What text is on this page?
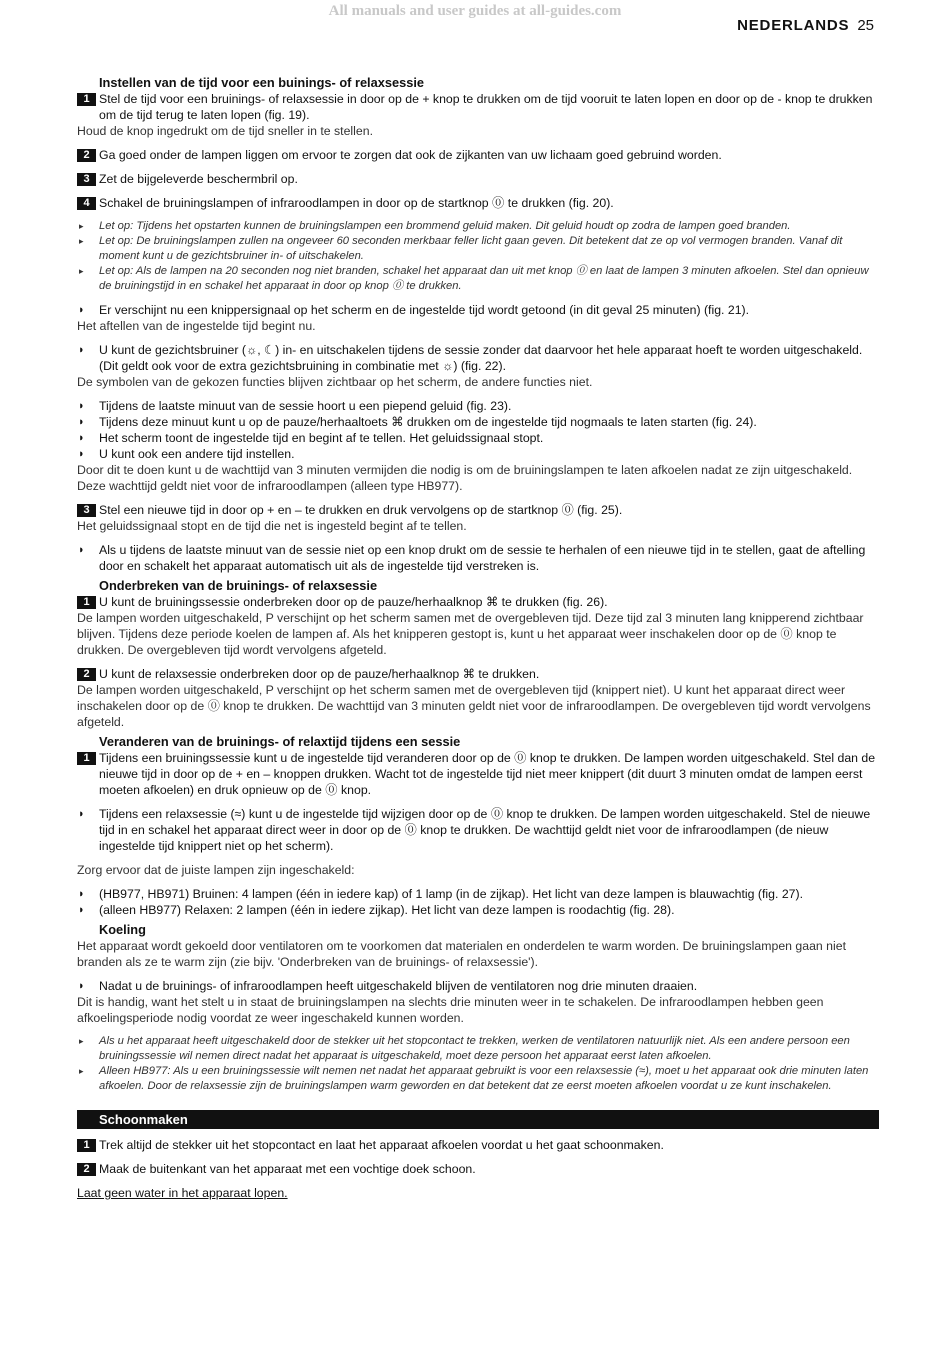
All manuals and user guides at all-guides.com
NEDERLANDS 25
Instellen van de tijd voor een buinings- of relaxsessie
1 Stel de tijd voor een bruinings- of relaxsessie in door op de + knop te drukken om de tijd vooruit te laten lopen en door op de - knop te drukken om de tijd terug te laten lopen (fig. 19).
Houd de knop ingedrukt om de tijd sneller in te stellen.
2 Ga goed onder de lampen liggen om ervoor te zorgen dat ook de zijkanten van uw lichaam goed gebruind worden.
3 Zet de bijgeleverde beschermbril op.
4 Schakel de bruiningslampen of infraroodlampen in door op de startknop ⓪ te drukken (fig. 20).
▸ Let op: Tijdens het opstarten kunnen de bruiningslampen een brommend geluid maken. Dit geluid houdt op zodra de lampen goed branden.
▸ Let op: De bruiningslampen zullen na ongeveer 60 seconden merkbaar feller licht gaan geven. Dit betekent dat ze op vol vermogen branden. Vanaf dit moment kunt u de gezichtsbruiner in- of uitschakelen.
▸ Let op: Als de lampen na 20 seconden nog niet branden, schakel het apparaat dan uit met knop ⓪ en laat de lampen 3 minuten afkoelen. Stel dan opnieuw de bruiningstijd in en schakel het apparaat in door op knop ⓪ te drukken.
◗ Er verschijnt nu een knippersignaal op het scherm en de ingestelde tijd wordt getoond (in dit geval 25 minuten) (fig. 21).
Het aftellen van de ingestelde tijd begint nu.
◗ U kunt de gezichtsbruiner (☼, ☾) in- en uitschakelen tijdens de sessie zonder dat daarvoor het hele apparaat hoeft te worden uitgeschakeld. (Dit geldt ook voor de extra gezichtsbruining in combinatie met ☼) (fig. 22).
De symbolen van de gekozen functies blijven zichtbaar op het scherm, de andere functies niet.
◗ Tijdens de laatste minuut van de sessie hoort u een piepend geluid (fig. 23).
◗ Tijdens deze minuut kunt u op de pauze/herhaaltoets ⌘ drukken om de ingestelde tijd nogmaals te laten starten (fig. 24).
◗ Het scherm toont de ingestelde tijd en begint af te tellen. Het geluidssignaal stopt.
◗ U kunt ook een andere tijd instellen.
Door dit te doen kunt u de wachttijd van 3 minuten vermijden die nodig is om de bruiningslampen te laten afkoelen nadat ze zijn uitgeschakeld. Deze wachttijd geldt niet voor de infraroodlampen (alleen type HB977).
3 Stel een nieuwe tijd in door op + en – te drukken en druk vervolgens op de startknop ⓪ (fig. 25).
Het geluidssignaal stopt en de tijd die net is ingesteld begint af te tellen.
◗ Als u tijdens de laatste minuut van de sessie niet op een knop drukt om de sessie te herhalen of een nieuwe tijd in te stellen, gaat de aftelling door en schakelt het apparaat automatisch uit als de ingestelde tijd verstreken is.
Onderbreken van de bruinings- of relaxsessie
1 U kunt de bruiningssessie onderbreken door op de pauze/herhaalknop ⌘ te drukken (fig. 26).
De lampen worden uitgeschakeld, P verschijnt op het scherm samen met de overgebleven tijd. Deze tijd zal 3 minuten lang knipperend zichtbaar blijven. Tijdens deze periode koelen de lampen af. Als het knipperen gestopt is, kunt u het apparaat weer inschakelen door op de ⓪ knop te drukken. De overgebleven tijd wordt vervolgens afgeteld.
2 U kunt de relaxsessie onderbreken door op de pauze/herhaalknop ⌘ te drukken.
De lampen worden uitgeschakeld, P verschijnt op het scherm samen met de overgebleven tijd (knippert niet). U kunt het apparaat direct weer inschakelen door op de ⓪ knop te drukken. De wachttijd van 3 minuten geldt niet voor de infraroodlampen. De overgebleven tijd wordt vervolgens afgeteld.
Veranderen van de bruinings- of relaxtijd tijdens een sessie
1 Tijdens een bruiningssessie kunt u de ingestelde tijd veranderen door op de ⓪ knop te drukken. De lampen worden uitgeschakeld. Stel dan de nieuwe tijd in door op de + en – knoppen drukken. Wacht tot de ingestelde tijd niet meer knippert (dit duurt 3 minuten omdat de lampen eerst moeten afkoelen) en druk opnieuw op de ⓪ knop.
◗ Tijdens een relaxsessie (≈) kunt u de ingestelde tijd wijzigen door op de ⓪ knop te drukken. De lampen worden uitgeschakeld. Stel de nieuwe tijd in en schakel het apparaat direct weer in door op de ⓪ knop te drukken. De wachttijd geldt niet voor de infraroodlampen (de nieuw ingestelde tijd knippert niet op het scherm).
Zorg ervoor dat de juiste lampen zijn ingeschakeld:
◗ (HB977, HB971) Bruinen: 4 lampen (één in iedere kap) of 1 lamp (in de zijkap). Het licht van deze lampen is blauwachtig (fig. 27).
◗ (alleen HB977) Relaxen: 2 lampen (één in iedere zijkap). Het licht van deze lampen is roodachtig (fig. 28).
Koeling
Het apparaat wordt gekoeld door ventilatoren om te voorkomen dat materialen en onderdelen te warm worden. De bruiningslampen gaan niet branden als ze te warm zijn (zie bijv. 'Onderbreken van de bruinings- of relaxsessie').
◗ Nadat u de bruinings- of infraroodlampen heeft uitgeschakeld blijven de ventilatoren nog drie minuten draaien.
Dit is handig, want het stelt u in staat de bruiningslampen na slechts drie minuten weer in te schakelen. De infraroodlampen hebben geen afkoelingsperiode nodig voordat ze weer ingeschakeld kunnen worden.
▸ Als u het apparaat heeft uitgeschakeld door de stekker uit het stopcontact te trekken, werken de ventilatoren natuurlijk niet. Als een andere persoon een bruiningssessie wil nemen direct nadat het apparaat is uitgeschakeld, moet deze persoon het apparaat eerst laten afkoelen.
▸ Alleen HB977: Als u een bruiningssessie wilt nemen net nadat het apparaat gebruikt is voor een relaxsessie (≈), moet u het apparaat ook drie minuten laten afkoelen. Door de relaxsessie zijn de bruiningslampen warm geworden en dat betekent dat ze eerst moeten afkoelen voordat u ze kunt inschakelen.
Schoonmaken
1 Trek altijd de stekker uit het stopcontact en laat het apparaat afkoelen voordat u het gaat schoonmaken.
2 Maak de buitenkant van het apparaat met een vochtige doek schoon.
Laat geen water in het apparaat lopen.
